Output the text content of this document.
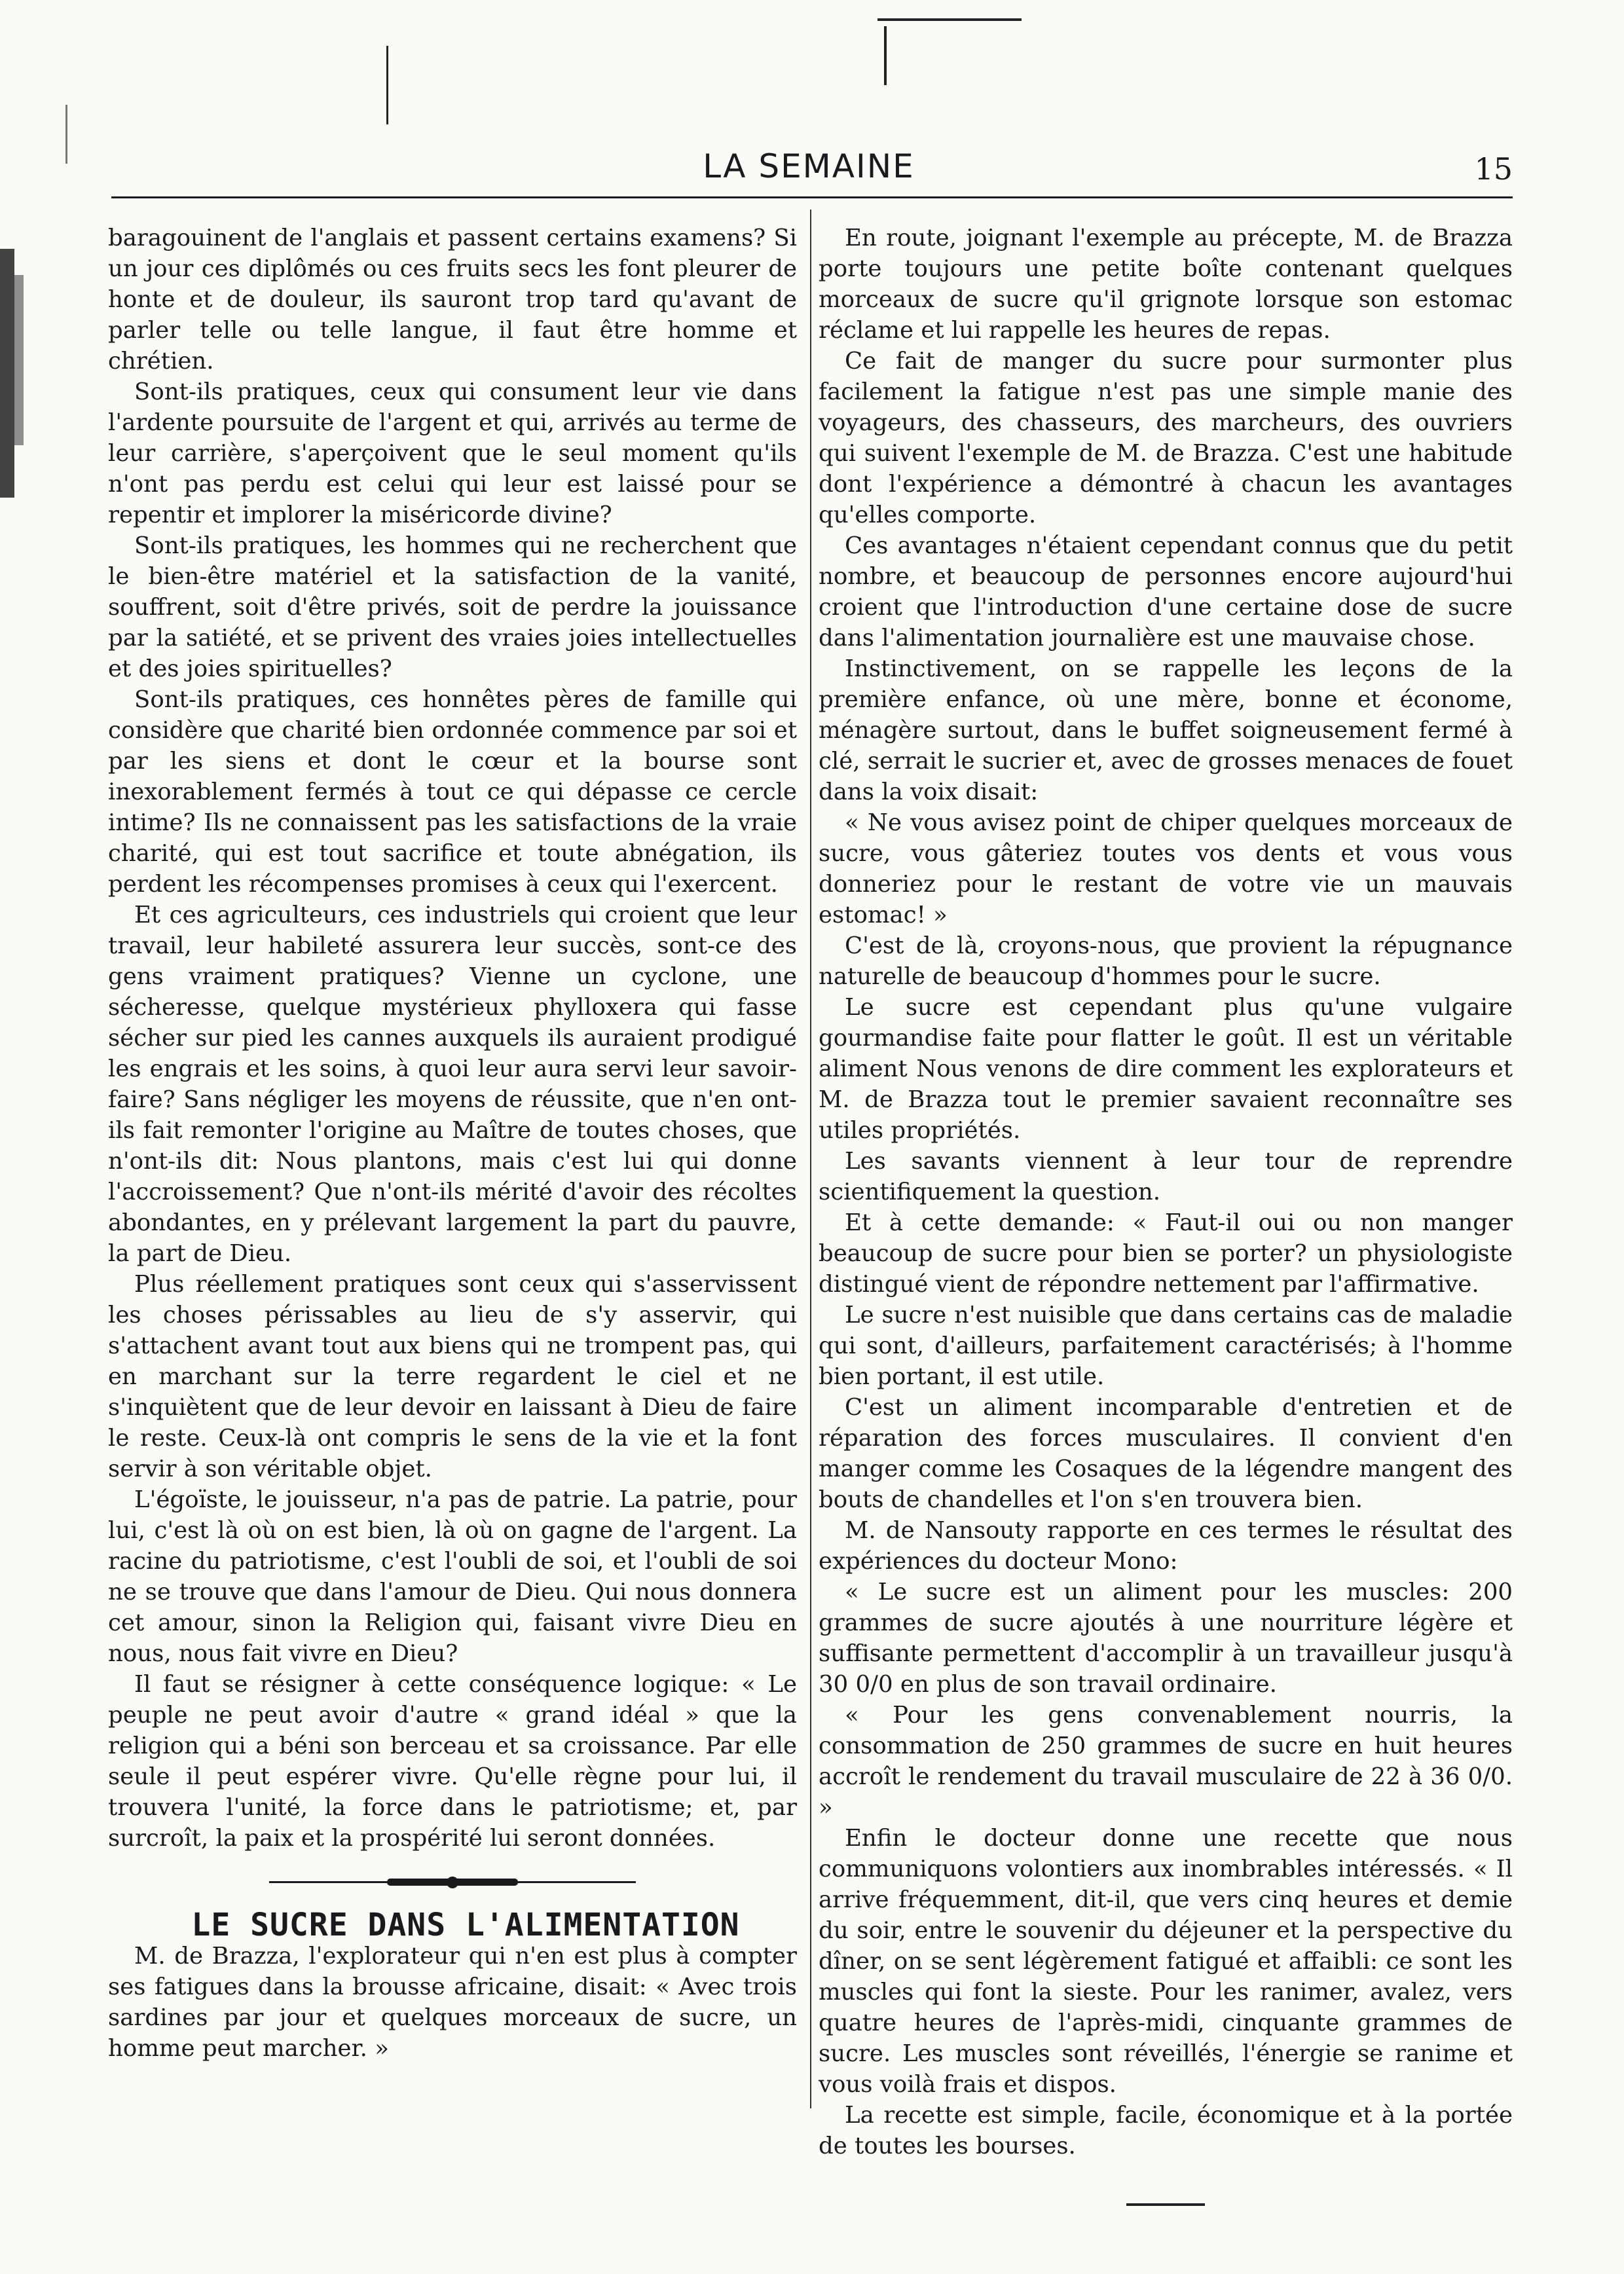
LA SEMAINE	15

baragouinent de l'anglais et passent certains examens? Si un jour ces diplômés ou ces fruits secs les font pleurer de honte et de douleur, ils sauront trop tard qu'avant de parler telle ou telle langue, il faut être homme et chrétien.

Sont-ils pratiques, ceux qui consument leur vie dans l'ardente poursuite de l'argent et qui, arrivés au terme de leur carrière, s'aperçoivent que le seul moment qu'ils n'ont pas perdu est celui qui leur est laissé pour se repentir et implorer la miséricorde divine?

Sont-ils pratiques, les hommes qui ne recherchent que le bien-être matériel et la satisfaction de la vanité, souffrent, soit d'être privés, soit de perdre la jouissance par la satiété, et se privent des vraies joies intellectuelles et des joies spirituelles?

Sont-ils pratiques, ces honnêtes pères de famille qui considère que charité bien ordonnée commence par soi et par les siens et dont le cœur et la bourse sont inexorablement fermés à tout ce qui dépasse ce cercle intime? Ils ne connaissent pas les satisfactions de la vraie charité, qui est tout sacrifice et toute abnégation, ils perdent les récompenses promises à ceux qui l'exercent.

Et ces agriculteurs, ces industriels qui croient que leur travail, leur habileté assurera leur succès, sont-ce des gens vraiment pratiques? Vienne un cyclone, une sécheresse, quelque mystérieux phylloxera qui fasse sécher sur pied les cannes auxquels ils auraient prodigué les engrais et les soins, à quoi leur aura servi leur savoir-faire? Sans négliger les moyens de réussite, que n'en ont-ils fait remonter l'origine au Maître de toutes choses, que n'ont-ils dit: Nous plantons, mais c'est lui qui donne l'accroissement? Que n'ont-ils mérité d'avoir des récoltes abondantes, en y prélevant largement la part du pauvre, la part de Dieu.

Plus réellement pratiques sont ceux qui s'asservissent les choses périssables au lieu de s'y asservir, qui s'attachent avant tout aux biens qui ne trompent pas, qui en marchant sur la terre regardent le ciel et ne s'inquiètent que de leur devoir en laissant à Dieu de faire le reste. Ceux-là ont compris le sens de la vie et la font servir à son véritable objet.

L'égoïste, le jouisseur, n'a pas de patrie. La patrie, pour lui, c'est là où on est bien, là où on gagne de l'argent. La racine du patriotisme, c'est l'oubli de soi, et l'oubli de soi ne se trouve que dans l'amour de Dieu. Qui nous donnera cet amour, sinon la Religion qui, faisant vivre Dieu en nous, nous fait vivre en Dieu?

Il faut se résigner à cette conséquence logique: « Le peuple ne peut avoir d'autre « grand idéal » que la religion qui a béni son berceau et sa croissance. Par elle seule il peut espérer vivre. Qu'elle règne pour lui, il trouvera l'unité, la force dans le patriotisme; et, par surcroît, la paix et la prospérité lui seront données.

LE SUCRE DANS L'ALIMENTATION

M. de Brazza, l'explorateur qui n'en est plus à compter ses fatigues dans la brousse africaine, disait: « Avec trois sardines par jour et quelques morceaux de sucre, un homme peut marcher. »

En route, joignant l'exemple au précepte, M. de Brazza porte toujours une petite boîte contenant quelques morceaux de sucre qu'il grignote lorsque son estomac réclame et lui rappelle les heures de repas.

Ce fait de manger du sucre pour surmonter plus facilement la fatigue n'est pas une simple manie des voyageurs, des chasseurs, des marcheurs, des ouvriers qui suivent l'exemple de M. de Brazza. C'est une habitude dont l'expérience a démontré à chacun les avantages qu'elles comporte.

Ces avantages n'étaient cependant connus que du petit nombre, et beaucoup de personnes encore aujourd'hui croient que l'introduction d'une certaine dose de sucre dans l'alimentation journalière est une mauvaise chose.

Instinctivement, on se rappelle les leçons de la première enfance, où une mère, bonne et économe, ménagère surtout, dans le buffet soigneusement fermé à clé, serrait le sucrier et, avec de grosses menaces de fouet dans la voix disait:

« Ne vous avisez point de chiper quelques morceaux de sucre, vous gâteriez toutes vos dents et vous vous donneriez pour le restant de votre vie un mauvais estomac! »

C'est de là, croyons-nous, que provient la répugnance naturelle de beaucoup d'hommes pour le sucre.

Le sucre est cependant plus qu'une vulgaire gourmandise faite pour flatter le goût. Il est un véritable aliment Nous venons de dire comment les explorateurs et M. de Brazza tout le premier savaient reconnaître ses utiles propriétés.

Les savants viennent à leur tour de reprendre scientifiquement la question.

Et à cette demande: « Faut-il oui ou non manger beaucoup de sucre pour bien se porter? un physiologiste distingué vient de répondre nettement par l'affirmative.

Le sucre n'est nuisible que dans certains cas de maladie qui sont, d'ailleurs, parfaitement caractérisés; à l'homme bien portant, il est utile.

C'est un aliment incomparable d'entretien et de réparation des forces musculaires. Il convient d'en manger comme les Cosaques de la légendre mangent des bouts de chandelles et l'on s'en trouvera bien.

M. de Nansouty rapporte en ces termes le résultat des expériences du docteur Mono:

« Le sucre est un aliment pour les muscles: 200 grammes de sucre ajoutés à une nourriture légère et suffisante permettent d'accomplir à un travailleur jusqu'à 30 0/0 en plus de son travail ordinaire.

« Pour les gens convenablement nourris, la consommation de 250 grammes de sucre en huit heures accroît le rendement du travail musculaire de 22 à 36 0/0. »

Enfin le docteur donne une recette que nous communiquons volontiers aux inombrables intéressés. « Il arrive fréquemment, dit-il, que vers cinq heures et demie du soir, entre le souvenir du déjeuner et la perspective du dîner, on se sent légèrement fatigué et affaibli: ce sont les muscles qui font la sieste. Pour les ranimer, avalez, vers quatre heures de l'après-midi, cinquante grammes de sucre. Les muscles sont réveillés, l'énergie se ranime et vous voilà frais et dispos.

La recette est simple, facile, économique et à la portée de toutes les bourses.
